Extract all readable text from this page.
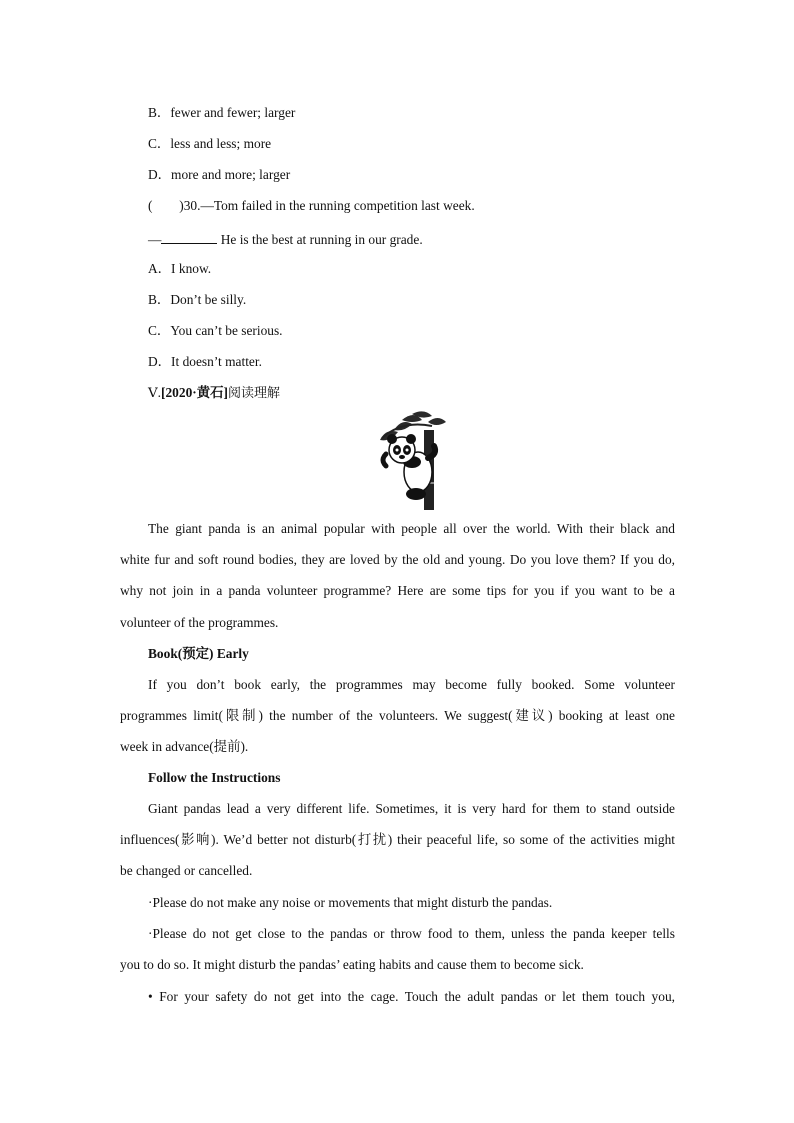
B．fewer and fewer; larger
C．less and less; more
D．more and more; larger
(　　)30.—Tom failed in the running competition last week.
—	He is the best at running in our grade.
A．I know.
B．Don’t be silly.
C．You can’t be serious.
D．It doesn’t matter.
Ⅴ.[2020·黄石]阅读理解
The giant panda is an animal popular with people all over the world. With their black and
white fur and soft round bodies, they are loved by the old and young. Do you love them? If you do,
why not join in a panda volunteer programme? Here are some tips for you if you want to be a
volunteer of the programmes.
Book(预定) Early
If you don’t book early, the programmes may become fully booked. Some volunteer
programmes limit(限制) the number of the volunteers. We suggest(建议) booking at least one
week in advance(提前).
Follow the Instructions
Giant pandas lead a very different life. Sometimes, it is very hard for them to stand outside
influences(影响). We’d better not disturb(打扰) their peaceful life, so some of the activities might
be changed or cancelled.
·Please do not make any noise or movements that might disturb the pandas.
·Please do not get close to the pandas or throw food to them, unless the panda keeper tells
you to do so. It might disturb the pandas’ eating habits and cause them to become sick.
• For your safety do not get into the cage. Touch the adult pandas or let them touch you,
